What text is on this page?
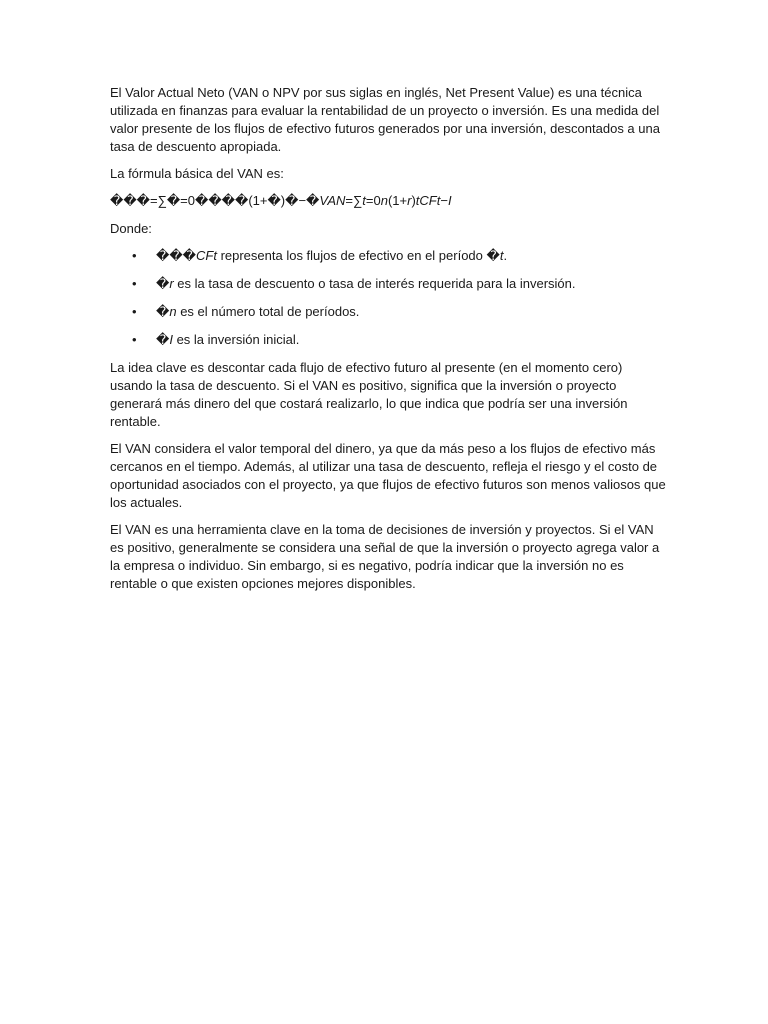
El Valor Actual Neto (VAN o NPV por sus siglas en inglés, Net Present Value) es una técnica utilizada en finanzas para evaluar la rentabilidad de un proyecto o inversión. Es una medida del valor presente de los flujos de efectivo futuros generados por una inversión, descontados a una tasa de descuento apropiada.

La fórmula básica del VAN es:

���=∑�=0����(1+�)�−�VAN=∑t=0n(1+r)tCFt−I

Donde:

• ���CFt representa los flujos de efectivo en el período �t.
• �r es la tasa de descuento o tasa de interés requerida para la inversión.
• �n es el número total de períodos.
• �I es la inversión inicial.

La idea clave es descontar cada flujo de efectivo futuro al presente (en el momento cero) usando la tasa de descuento. Si el VAN es positivo, significa que la inversión o proyecto generará más dinero del que costará realizarlo, lo que indica que podría ser una inversión rentable.

El VAN considera el valor temporal del dinero, ya que da más peso a los flujos de efectivo más cercanos en el tiempo. Además, al utilizar una tasa de descuento, refleja el riesgo y el costo de oportunidad asociados con el proyecto, ya que flujos de efectivo futuros son menos valiosos que los actuales.

El VAN es una herramienta clave en la toma de decisiones de inversión y proyectos. Si el VAN es positivo, generalmente se considera una señal de que la inversión o proyecto agrega valor a la empresa o individuo. Sin embargo, si es negativo, podría indicar que la inversión no es rentable o que existen opciones mejores disponibles.
